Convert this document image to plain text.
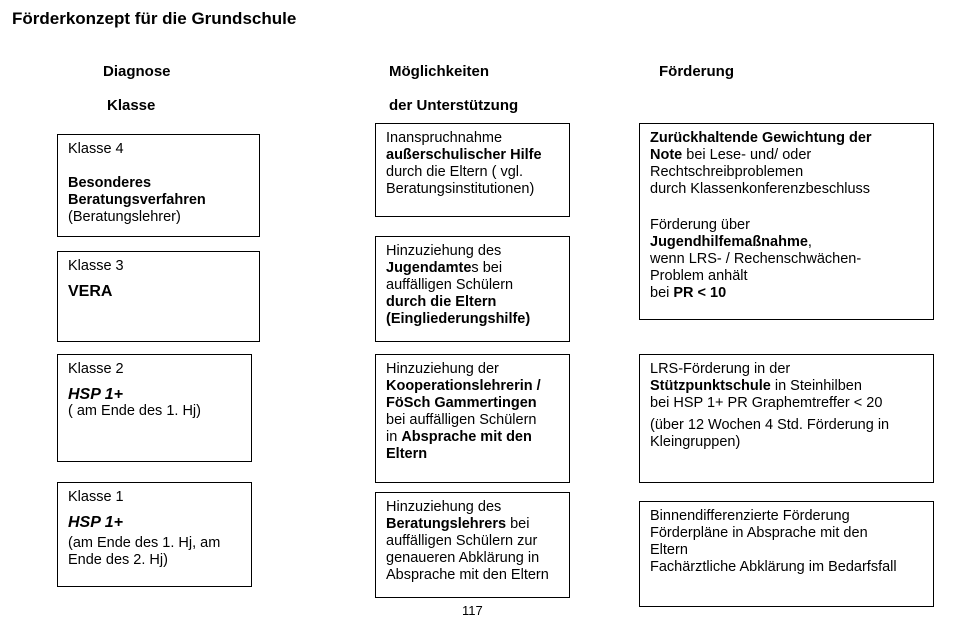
Förderkonzept für die Grundschule
Diagnose
Klasse
Möglichkeiten
der Unterstützung
Förderung

Klasse 4

Besonderes

Beratungsverfahren

(Beratungslehrer)

Klasse 3

VERA

Klasse 2

HSP 1+

( am Ende des 1. Hj)

Klasse 1

HSP 1+

(am Ende des 1. Hj, am

Ende des 2. Hj)

Inanspruchnahme

außerschulischer Hilfe

durch die Eltern ( vgl.

Beratungsinstitutionen)

Hinzuziehung des

Jugendamtes bei

auffälligen Schülern

durch die Eltern

(Eingliederungshilfe)

Hinzuziehung der

Kooperationslehrerin /

FöSch Gammertingen

bei auffälligen Schülern

in Absprache mit den

Eltern

Hinzuziehung des

Beratungslehrers bei

auffälligen Schülern zur

genaueren Abklärung in

Absprache mit den Eltern

Zurückhaltende Gewichtung der

Note bei Lese- und/ oder

Rechtschreibproblemen

durch Klassenkonferenzbeschluss

Förderung über

Jugendhilfemaßnahme,

wenn LRS- / Rechenschwächen-

Problem anhält

bei PR < 10

LRS-Förderung in der

Stützpunktschule in Steinhilben

bei HSP 1+ PR Graphemtreffer < 20

(über 12 Wochen 4 Std. Förderung in

Kleingruppen)

Binnendifferenzierte Förderung

Förderpläne in Absprache mit den

Eltern

Fachärztliche Abklärung im Bedarfsfall

117
